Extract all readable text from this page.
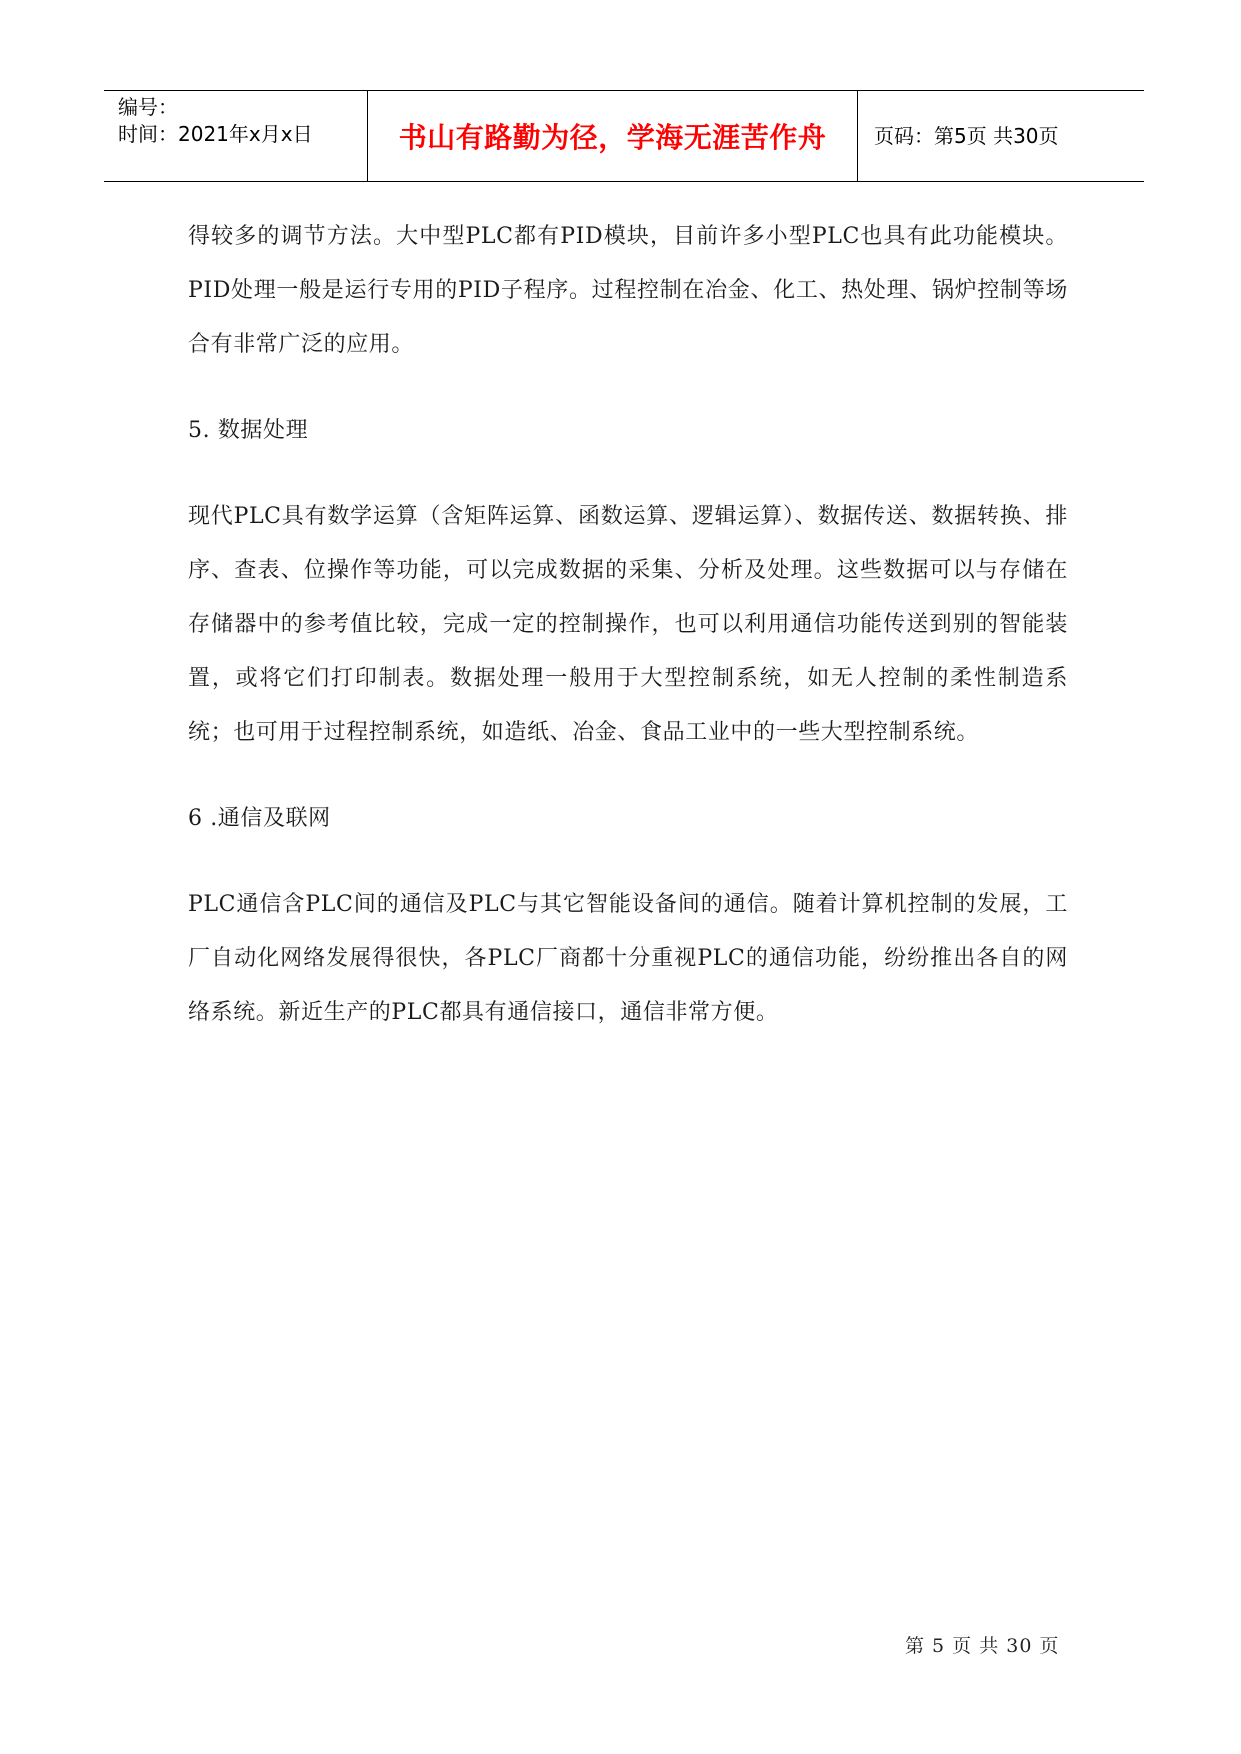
编号：
时间：2021年x月x日	书山有路勤为径，学海无涯苦作舟 页码：第5页 共30页

得较多的调节方法。大中型PLC都有PID模块，目前许多小型PLC也具有此功能模块。PID处理一般是运行专用的PID子程序。过程控制在冶金、化工、热处理、锅炉控制等场合有非常广泛的应用。

5. 数据处理

现代PLC具有数学运算（含矩阵运算、函数运算、逻辑运算）、数据传送、数据转换、排序、查表、位操作等功能，可以完成数据的采集、分析及处理。这些数据可以与存储在存储器中的参考值比较，完成一定的控制操作，也可以利用通信功能传送到别的智能装置，或将它们打印制表。数据处理一般用于大型控制系统，如无人控制的柔性制造系统；也可用于过程控制系统，如造纸、冶金、食品工业中的一些大型控制系统。

6 .通信及联网

PLC通信含PLC间的通信及PLC与其它智能设备间的通信。随着计算机控制的发展，工厂自动化网络发展得很快，各PLC厂商都十分重视PLC的通信功能，纷纷推出各自的网络系统。新近生产的PLC都具有通信接口，通信非常方便。

第 5 页 共 30 页
